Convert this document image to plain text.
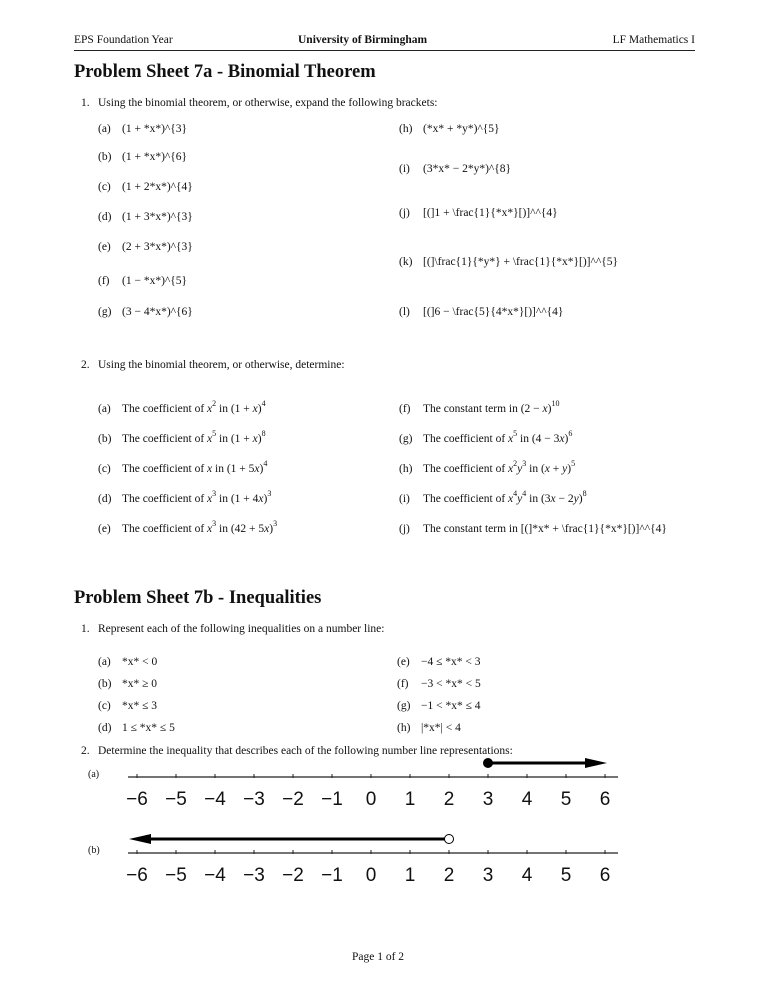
EPS Foundation Year	University of Birmingham	LF Mathematics I
Problem Sheet 7a - Binomial Theorem
1. Using the binomial theorem, or otherwise, expand the following brackets:
2. Using the binomial theorem, or otherwise, determine:
Problem Sheet 7b - Inequalities
1. Represent each of the following inequalities on a number line:
2. Determine the inequality that describes each of the following number line representations:
(a)
(b)
−6 −5 −4 −3 −2 −1 0 1 2 3 4 5 6
−6 −5 −4 −3 −2 −1 0 1 2 3 4 5 6
Page 1 of 2
(a) (1 + *x*)^{3}
(b) (1 + *x*)^{6}
(c) (1 + 2*x*)^{4}
(d) (1 + 3*x*)^{3}
(e) (2 + 3*x*)^{3}
(f) (1 − *x*)^{5}
(g) (3 − 4*x*)^{6}
(h) (*x* + *y*)^{5}
(i) (3*x* − 2*y*)^{8}
(j) [(]1 + \frac{1}{*x*}[)]^^{4}
(k) [(]\frac{1}{*y*} + \frac{1}{*x*}[)]^^{5}
(l) [(]6 − \frac{5}{4*x*}[)]^^{4}
(a) The coefficient of $x^2$ in $(1 + x)^4$
(b) The coefficient of $x^5$ in $(1 + x)^8$
(c) The coefficient of x in $(1 + 5x)^4$
(d) The coefficient of $x^3$ in $(1 + 4x)^3$
(e) The coefficient of $x^3$ in $(42 + 5x)^3$
(f) The constant term in $(2 - x)^{10}$
(g) The coefficient of $x^5$ in $(4 - 3x)^6$
(h) The coefficient of $x^2y^3$ in $(x + y)^5$
(i) The coefficient of $x^4y^4$ in $(3x - 2y)^8$
(j) The constant term in [(]*x* + \frac{1}{*x*}[)]^^{4}
(a) *x* < 0
(b) *x* ≥ 0
(c) *x* ≤ 3
(d) 1 ≤ *x* ≤ 5
(e) −4 ≤ *x* < 3
(f) −3 < *x* < 5
(g) −1 < *x* ≤ 4
(h) |*x*| < 4
